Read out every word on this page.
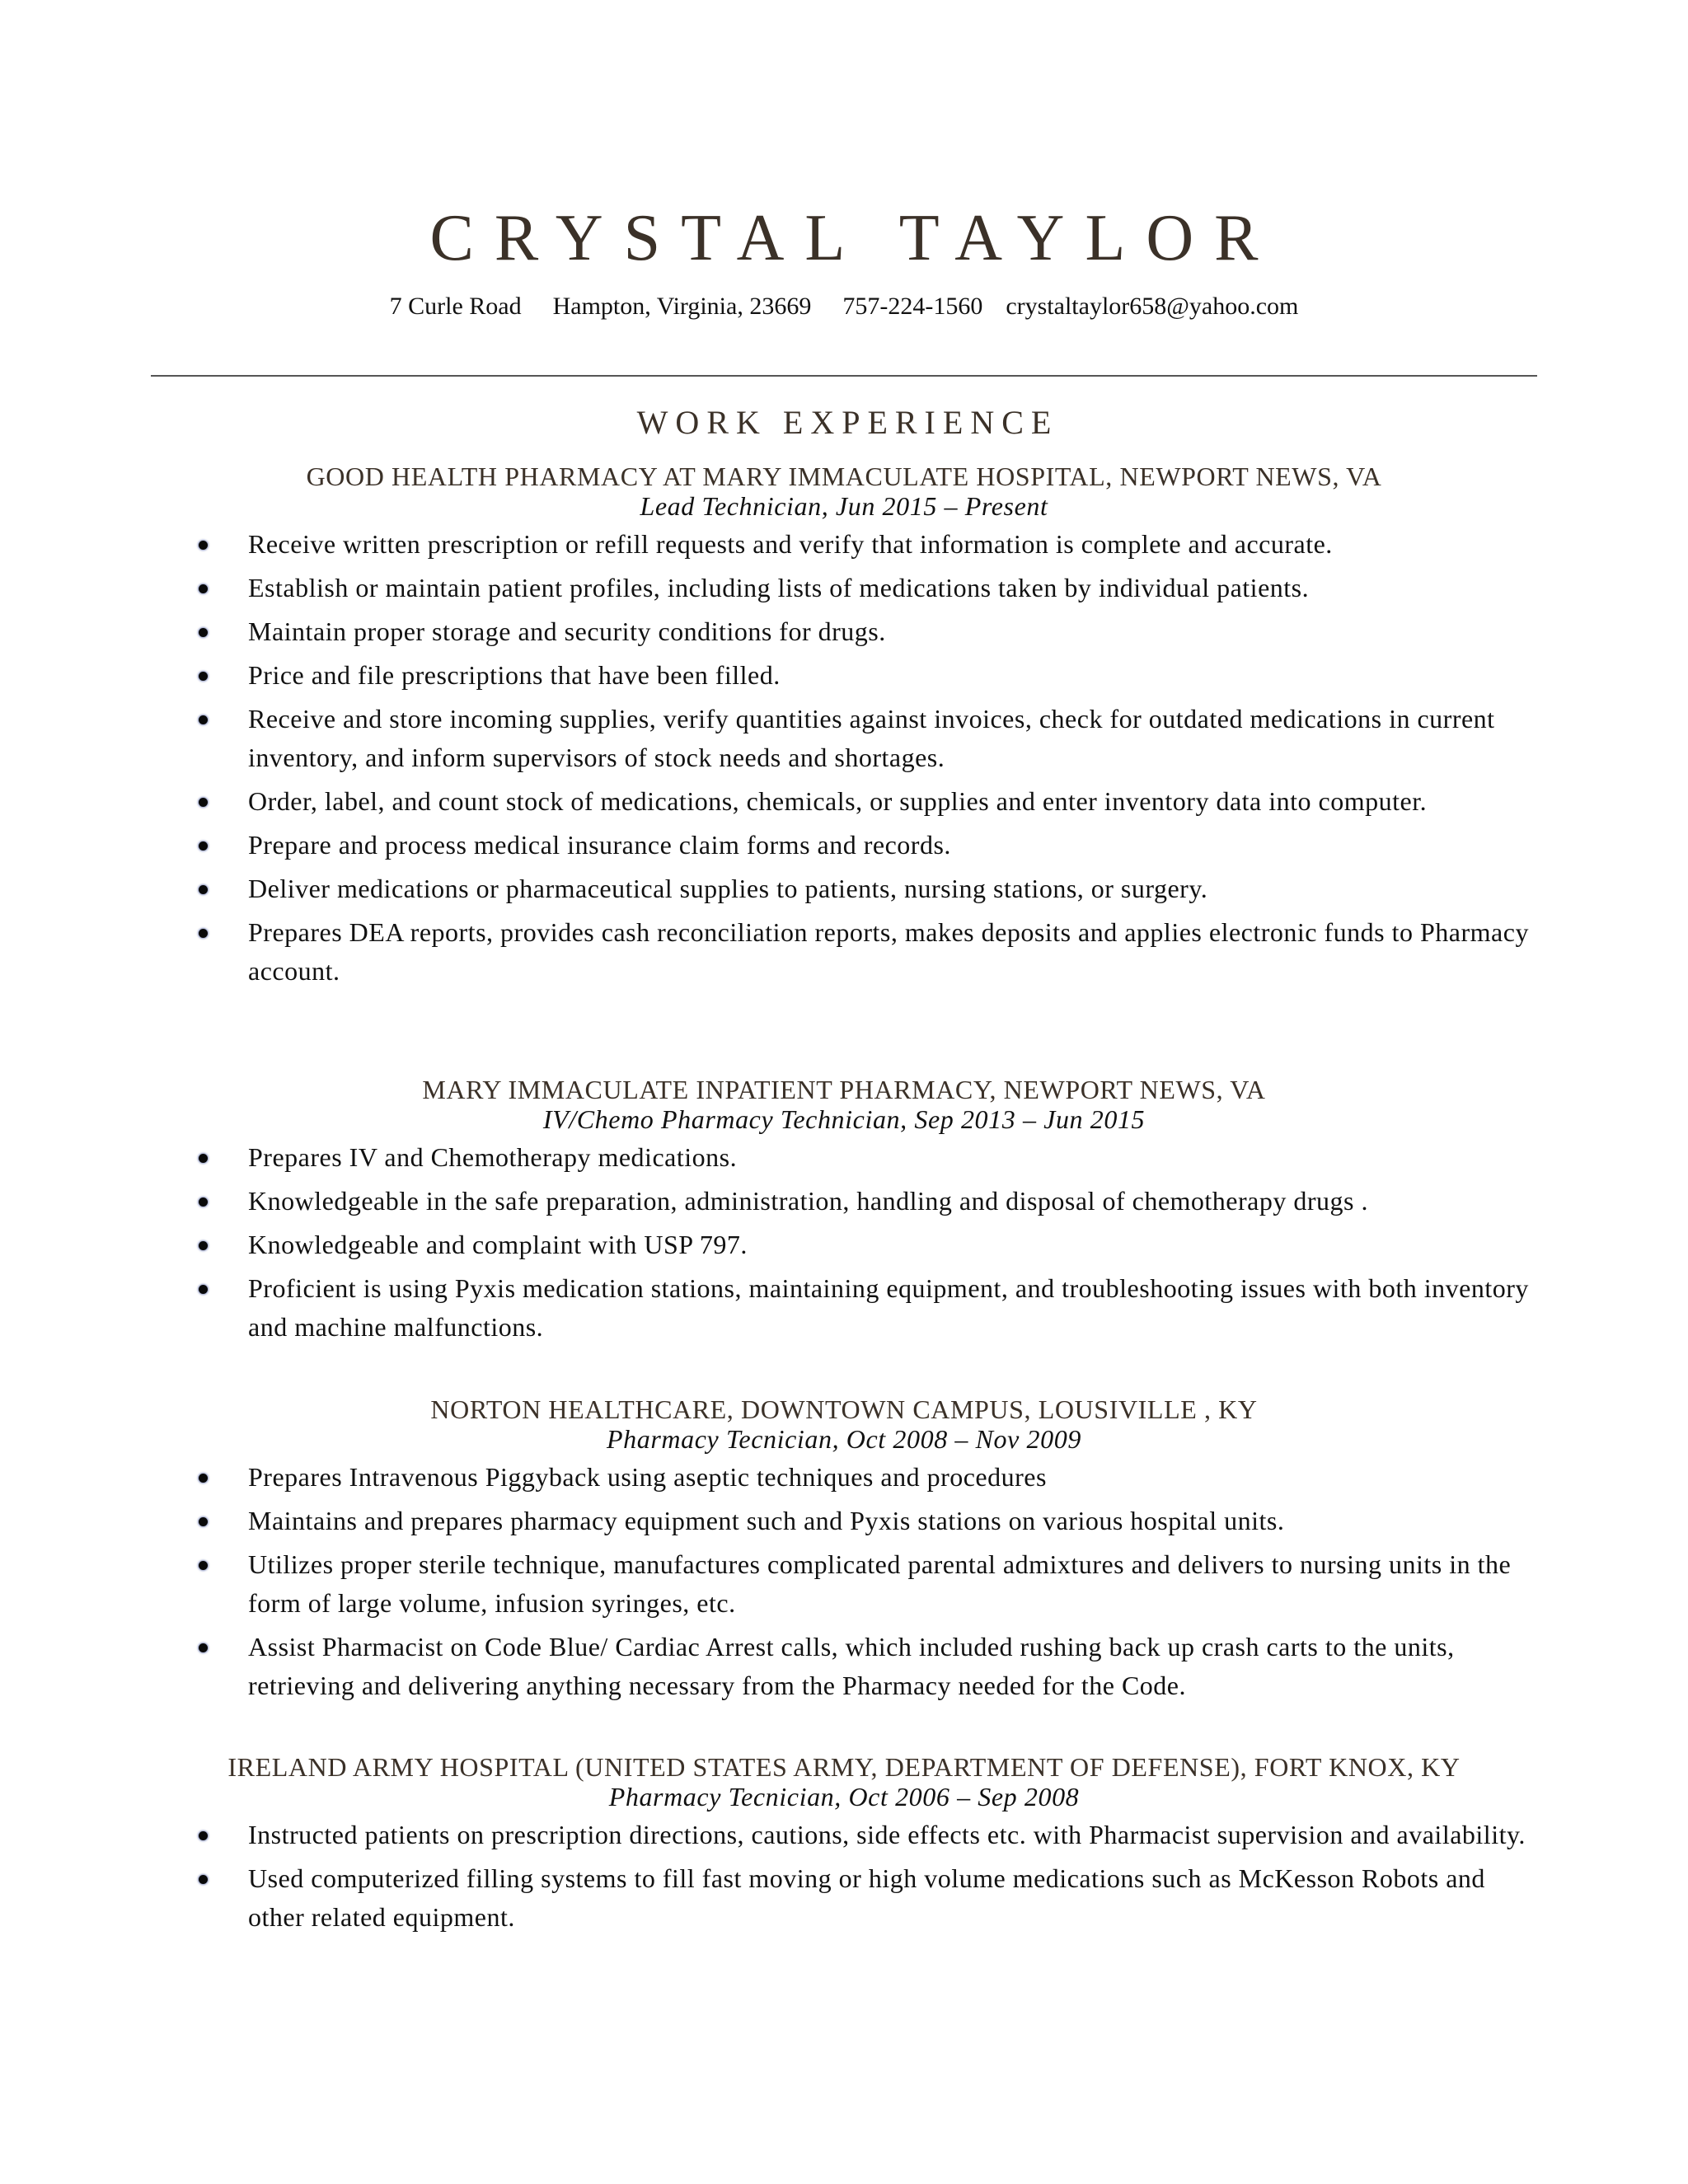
CRYSTAL TAYLOR
7 Curle Road Hampton, Virginia, 23669 757-224-1560 crystaltaylor658@yahoo.com
WORK EXPERIENCE
GOOD HEALTH PHARMACY AT MARY IMMACULATE HOSPITAL, NEWPORT NEWS, VA
Lead Technician, Jun 2015 – Present
Receive written prescription or refill requests and verify that information is complete and accurate.
Establish or maintain patient profiles, including lists of medications taken by individual patients.
Maintain proper storage and security conditions for drugs.
Price and file prescriptions that have been filled.
Receive and store incoming supplies, verify quantities against invoices, check for outdated medications in current inventory, and inform supervisors of stock needs and shortages.
Order, label, and count stock of medications, chemicals, or supplies and enter inventory data into computer.
Prepare and process medical insurance claim forms and records.
Deliver medications or pharmaceutical supplies to patients, nursing stations, or surgery.
Prepares DEA reports, provides cash reconciliation reports, makes deposits and applies electronic funds to Pharmacy account.
MARY IMMACULATE INPATIENT PHARMACY, NEWPORT NEWS, VA
IV/Chemo Pharmacy Technician, Sep 2013 – Jun 2015
Prepares IV and Chemotherapy medications.
Knowledgeable in the safe preparation, administration, handling and disposal of chemotherapy drugs .
Knowledgeable and complaint with USP 797.
Proficient is using Pyxis medication stations, maintaining equipment, and troubleshooting issues with both inventory and machine malfunctions.
NORTON HEALTHCARE, DOWNTOWN CAMPUS, LOUSIVILLE , KY
Pharmacy Tecnician, Oct 2008 – Nov 2009
Prepares Intravenous Piggyback using aseptic techniques and procedures
Maintains and prepares pharmacy equipment such and Pyxis stations on various hospital units.
Utilizes proper sterile technique, manufactures complicated parental admixtures and delivers to nursing units in the form of large volume, infusion syringes, etc.
Assist Pharmacist on Code Blue/ Cardiac Arrest calls, which included rushing back up crash carts to the units, retrieving and delivering anything necessary from the Pharmacy needed for the Code.
IRELAND ARMY HOSPITAL (UNITED STATES ARMY, DEPARTMENT OF DEFENSE), FORT KNOX, KY
Pharmacy Tecnician, Oct 2006 – Sep 2008
Instructed patients on prescription directions, cautions, side effects etc. with Pharmacist supervision and availability.
Used computerized filling systems to fill fast moving or high volume medications such as McKesson Robots and other related equipment.
